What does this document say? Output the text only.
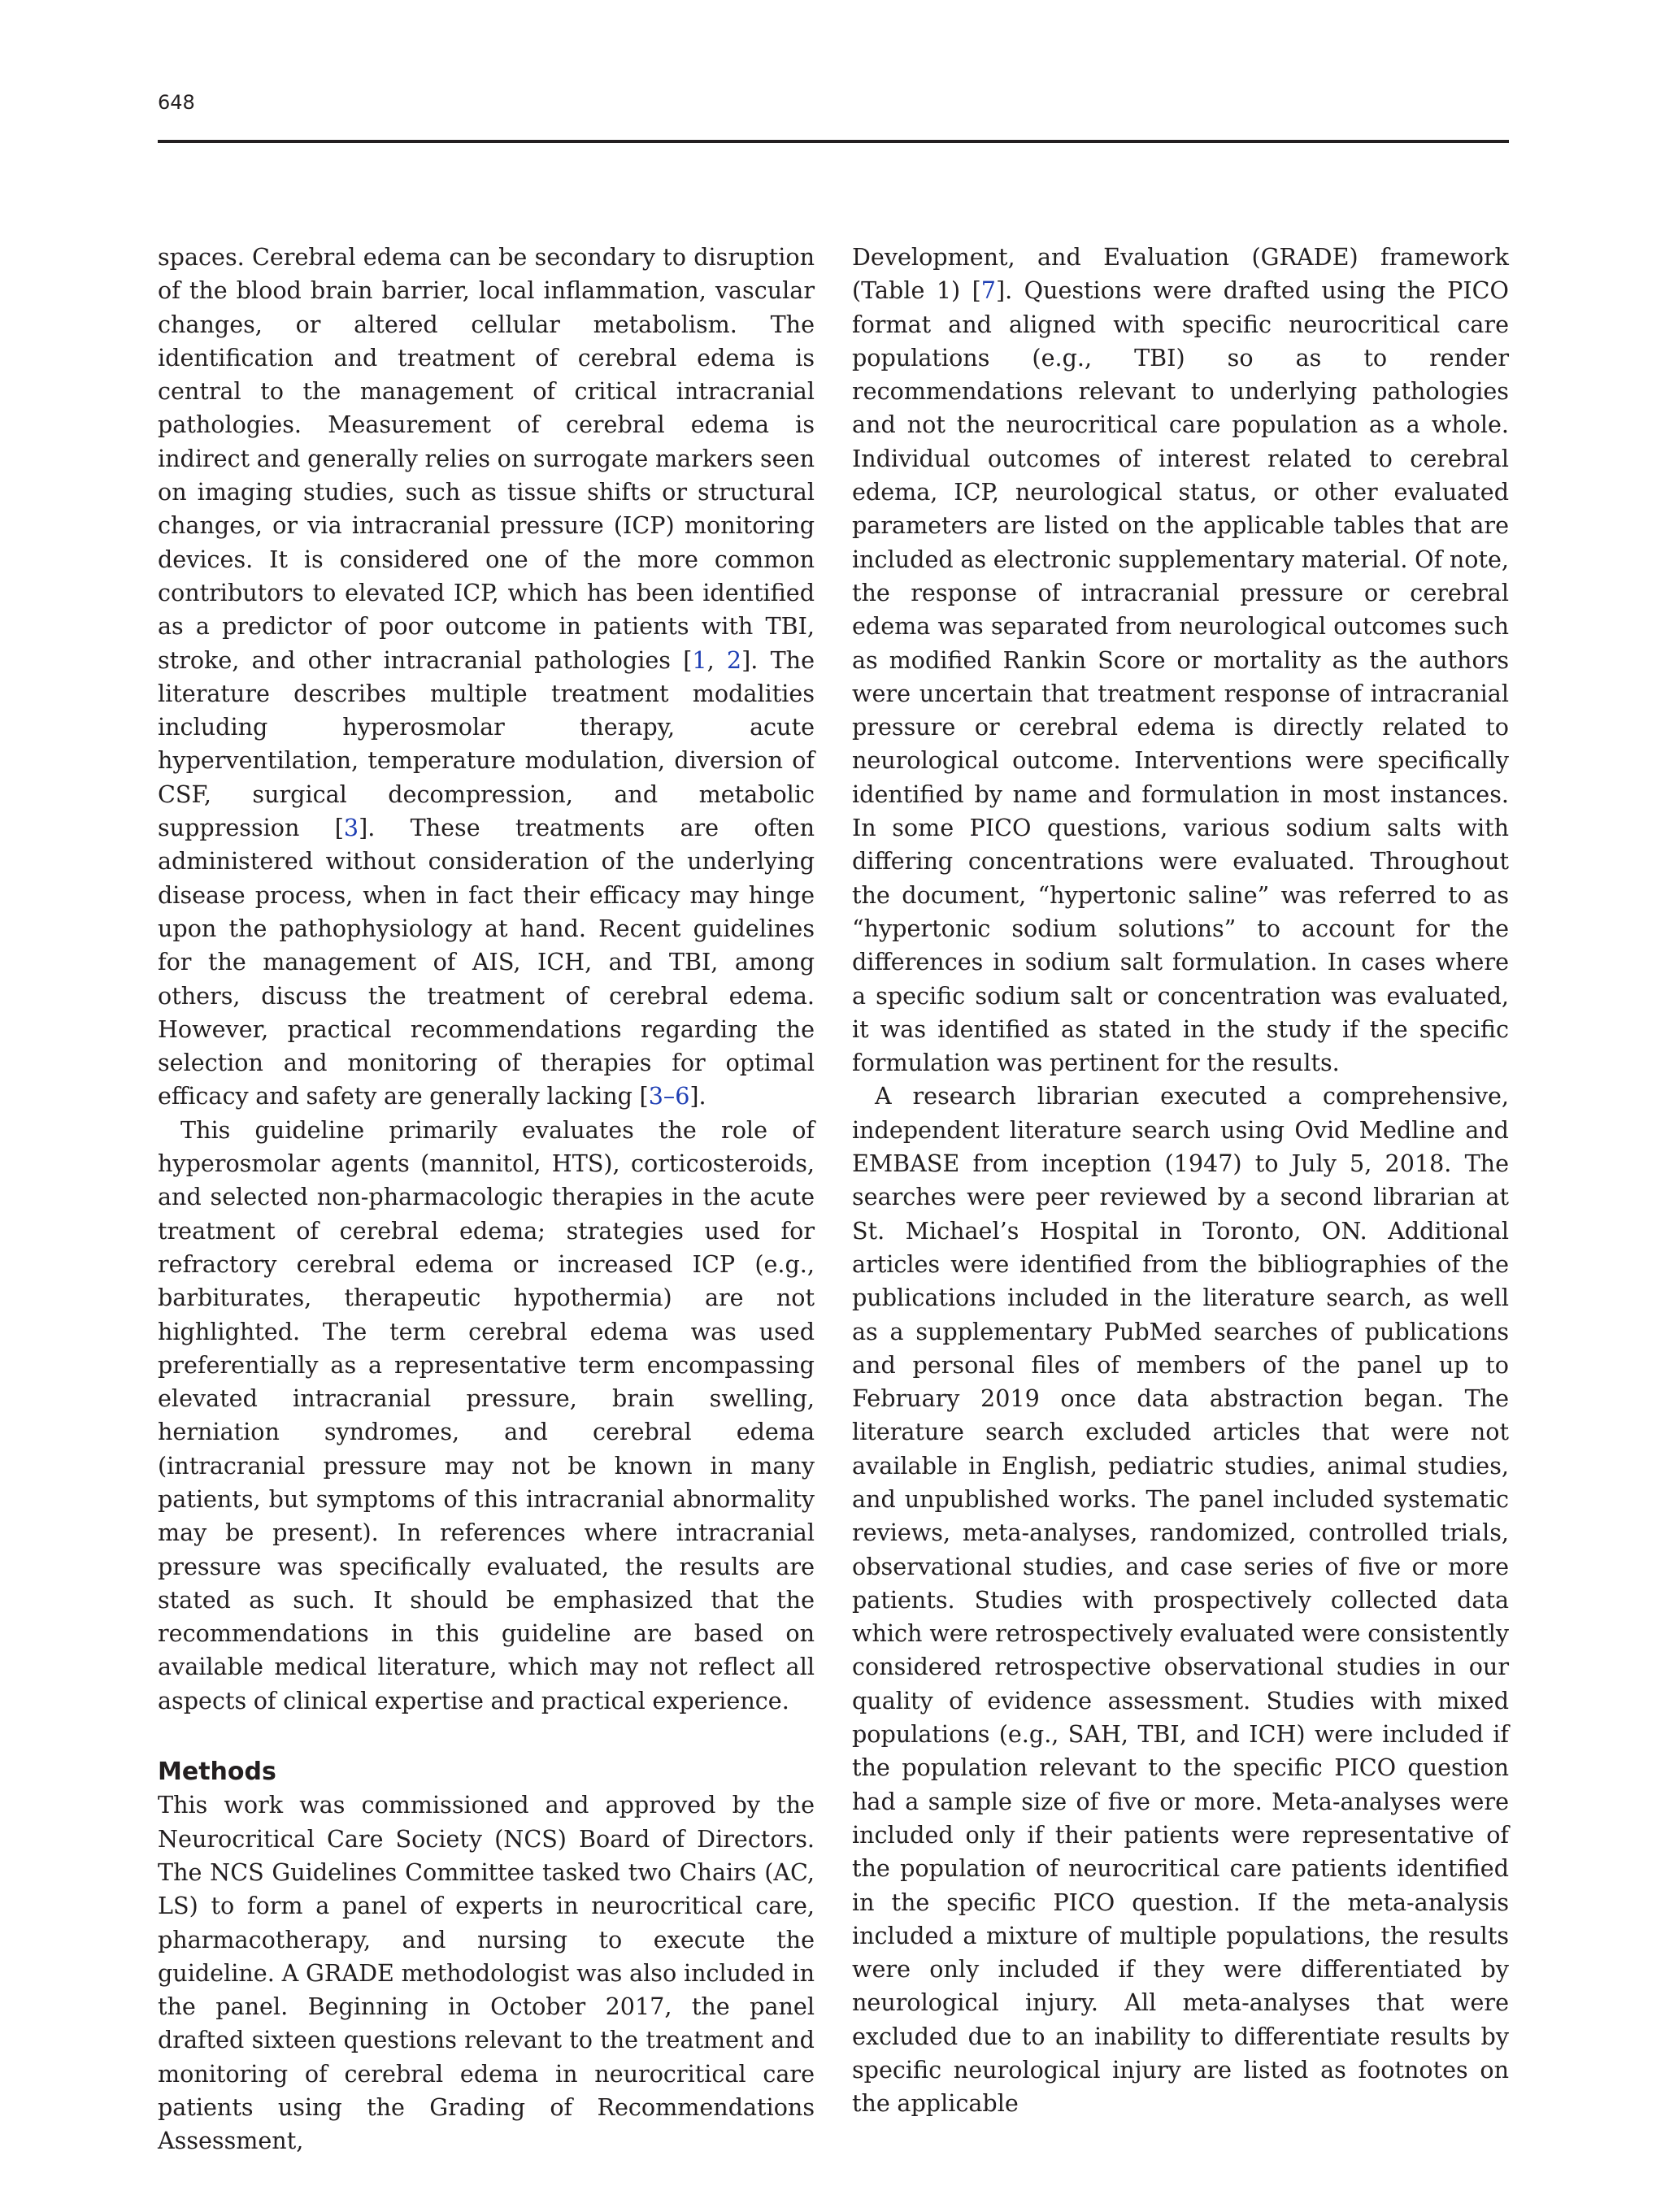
648

spaces. Cerebral edema can be secondary to disruption of the blood brain barrier, local inflammation, vascular changes, or altered cellular metabolism. The identification and treatment of cerebral edema is central to the management of critical intracranial pathologies. Measurement of cerebral edema is indirect and generally relies on surrogate markers seen on imaging studies, such as tissue shifts or structural changes, or via intracranial pressure (ICP) monitoring devices. It is considered one of the more common contributors to elevated ICP, which has been identified as a predictor of poor outcome in patients with TBI, stroke, and other intracranial pathologies [1, 2]. The literature describes multiple treatment modalities including hyperosmolar therapy, acute hyperventilation, temperature modulation, diversion of CSF, surgical decompression, and metabolic suppression [3]. These treatments are often administered without consideration of the underlying disease process, when in fact their efficacy may hinge upon the pathophysiology at hand. Recent guidelines for the management of AIS, ICH, and TBI, among others, discuss the treatment of cerebral edema. However, practical recommendations regarding the selection and monitoring of therapies for optimal efficacy and safety are generally lacking [3–6].

This guideline primarily evaluates the role of hyperosmolar agents (mannitol, HTS), corticosteroids, and selected non-pharmacologic therapies in the acute treatment of cerebral edema; strategies used for refractory cerebral edema or increased ICP (e.g., barbiturates, therapeutic hypothermia) are not highlighted. The term cerebral edema was used preferentially as a representative term encompassing elevated intracranial pressure, brain swelling, herniation syndromes, and cerebral edema (intracranial pressure may not be known in many patients, but symptoms of this intracranial abnormality may be present). In references where intracranial pressure was specifically evaluated, the results are stated as such. It should be emphasized that the recommendations in this guideline are based on available medical literature, which may not reflect all aspects of clinical expertise and practical experience.

Methods

This work was commissioned and approved by the Neurocritical Care Society (NCS) Board of Directors. The NCS Guidelines Committee tasked two Chairs (AC, LS) to form a panel of experts in neurocritical care, pharmacotherapy, and nursing to execute the guideline. A GRADE methodologist was also included in the panel. Beginning in October 2017, the panel drafted sixteen questions relevant to the treatment and monitoring of cerebral edema in neurocritical care patients using the Grading of Recommendations Assessment,

Development, and Evaluation (GRADE) framework (Table 1) [7]. Questions were drafted using the PICO format and aligned with specific neurocritical care populations (e.g., TBI) so as to render recommendations relevant to underlying pathologies and not the neurocritical care population as a whole. Individual outcomes of interest related to cerebral edema, ICP, neurological status, or other evaluated parameters are listed on the applicable tables that are included as electronic supplementary material. Of note, the response of intracranial pressure or cerebral edema was separated from neurological outcomes such as modified Rankin Score or mortality as the authors were uncertain that treatment response of intracranial pressure or cerebral edema is directly related to neurological outcome. Interventions were specifically identified by name and formulation in most instances. In some PICO questions, various sodium salts with differing concentrations were evaluated. Throughout the document, “hypertonic saline” was referred to as “hypertonic sodium solutions” to account for the differences in sodium salt formulation. In cases where a specific sodium salt or concentration was evaluated, it was identified as stated in the study if the specific formulation was pertinent for the results.

A research librarian executed a comprehensive, independent literature search using Ovid Medline and EMBASE from inception (1947) to July 5, 2018. The searches were peer reviewed by a second librarian at St. Michael’s Hospital in Toronto, ON. Additional articles were identified from the bibliographies of the publications included in the literature search, as well as a supplementary PubMed searches of publications and personal files of members of the panel up to February 2019 once data abstraction began. The literature search excluded articles that were not available in English, pediatric studies, animal studies, and unpublished works. The panel included systematic reviews, meta-analyses, randomized, controlled trials, observational studies, and case series of five or more patients. Studies with prospectively collected data which were retrospectively evaluated were consistently considered retrospective observational studies in our quality of evidence assessment. Studies with mixed populations (e.g., SAH, TBI, and ICH) were included if the population relevant to the specific PICO question had a sample size of five or more. Meta-analyses were included only if their patients were representative of the population of neurocritical care patients identified in the specific PICO question. If the meta-analysis included a mixture of multiple populations, the results were only included if they were differentiated by neurological injury. All meta-analyses that were excluded due to an inability to differentiate results by specific neurological injury are listed as footnotes on the applicable
